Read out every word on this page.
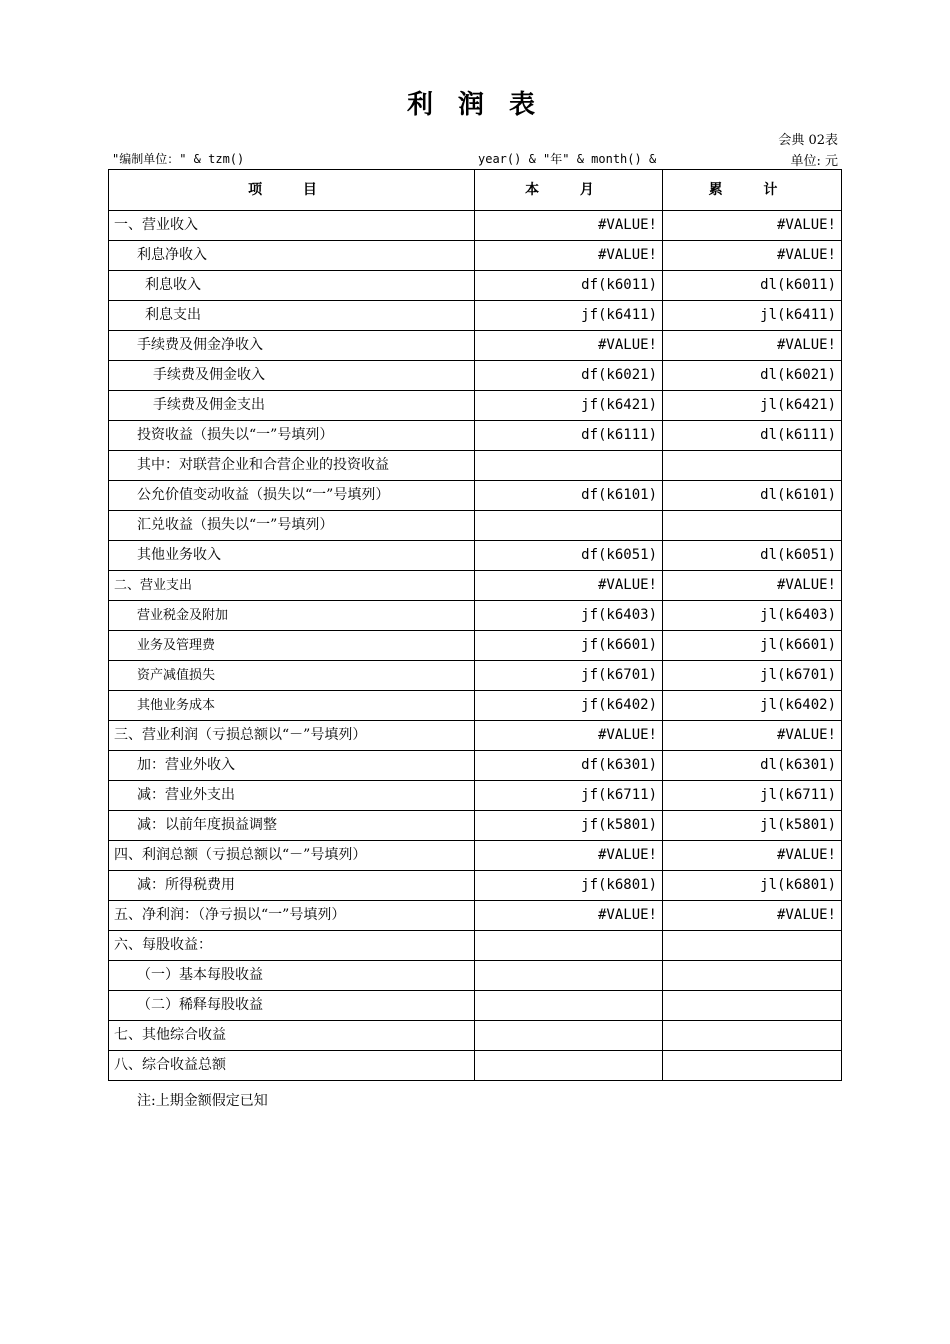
利 润 表
会典 02表
"编制单位：" & tzm()	year() & "年" & month() &	单位: 元
项 目	本 月	累 计
一、营业收入	#VALUE!	#VALUE!
利息净收入	#VALUE!	#VALUE!
利息收入	df(k6011)	dl(k6011)
利息支出	jf(k6411)	jl(k6411)
手续费及佣金净收入	#VALUE!	#VALUE!
手续费及佣金收入	df(k6021)	dl(k6021)
手续费及佣金支出	jf(k6421)	jl(k6421)
投资收益（损失以“一”号填列）	df(k6111)	dl(k6111)
其中：对联营企业和合营企业的投资收益		
公允价值变动收益（损失以“一”号填列）	df(k6101)	dl(k6101)
汇兑收益（损失以“一”号填列）		
其他业务收入	df(k6051)	dl(k6051)
二、营业支出	#VALUE!	#VALUE!
营业税金及附加	jf(k6403)	jl(k6403)
业务及管理费	jf(k6601)	jl(k6601)
资产减值损失	jf(k6701)	jl(k6701)
其他业务成本	jf(k6402)	jl(k6402)
三、营业利润（亏损总额以“－”号填列）	#VALUE!	#VALUE!
加：营业外收入	df(k6301)	dl(k6301)
减：营业外支出	jf(k6711)	jl(k6711)
减：以前年度损益调整	jf(k5801)	jl(k5801)
四、利润总额（亏损总额以“－”号填列）	#VALUE!	#VALUE!
减：所得税费用	jf(k6801)	jl(k6801)
五、净利润：（净亏损以“一”号填列）	#VALUE!	#VALUE!
六、每股收益：		
（一）基本每股收益		
（二）稀释每股收益		
七、其他综合收益		
八、综合收益总额		
注:上期金额假定已知
